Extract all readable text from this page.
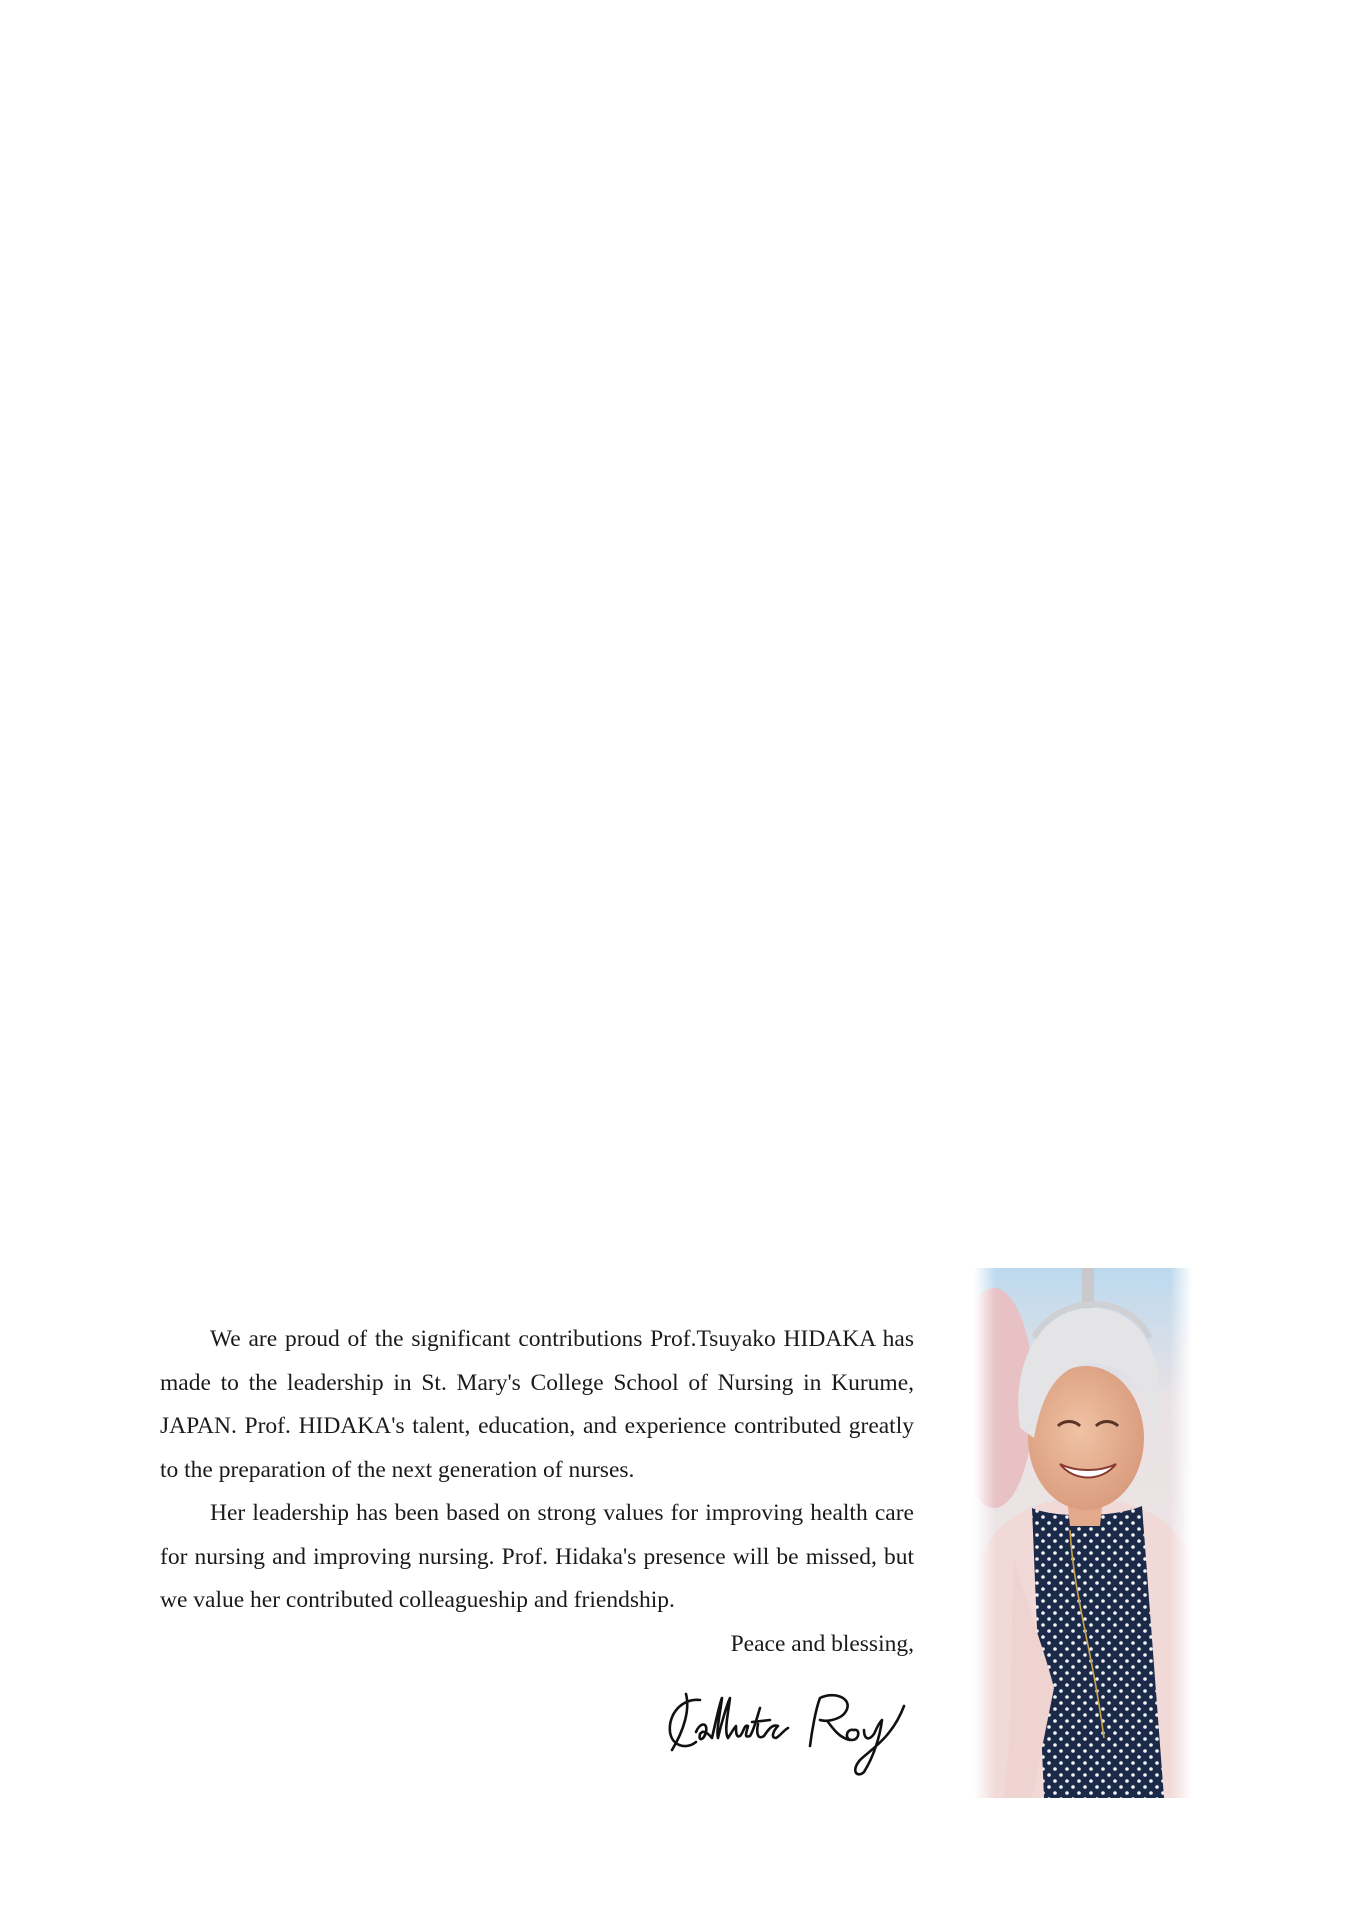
We are proud of the significant contributions Prof.Tsuyako HIDAKA has made to the leadership in St. Mary's College School of Nursing in Kurume, JAPAN. Prof. HIDAKA's talent, education, and experience contributed greatly to the preparation of the next generation of nurses.

Her leadership has been based on strong values for improving health care for nursing and improving nursing. Prof. Hidaka's presence will be missed, but we value her contributed colleagueship and friendship.

Peace and blessing,
